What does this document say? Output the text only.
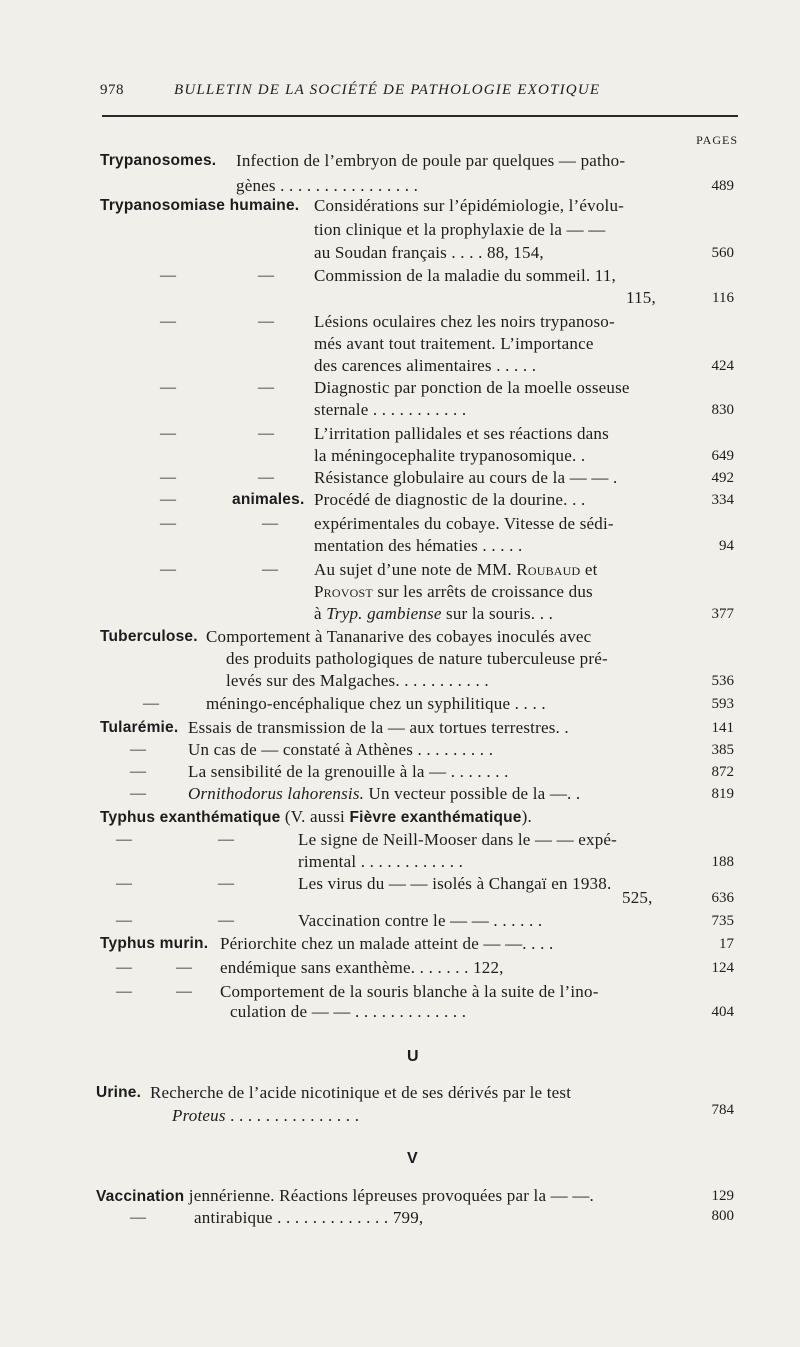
978	BULLETIN DE LA SOCIÉTÉ DE PATHOLOGIE EXOTIQUE
PAGES
Trypanosomes. Infection de l’embryon de poule par quelques — patho-
gènes . . . . . . . . . . . . . . . .	489
Trypanosomiase humaine. Considérations sur l’épidémiologie, l’évolu-
tion clinique et la prophylaxie de la — —
au Soudan français . . . . 88, 154,	560
—	— Commission de la maladie du sommeil. 11,
115,	116
—	— Lésions oculaires chez les noirs trypanoso-
més avant tout traitement. L’importance
des carences alimentaires . . . . .	424
—	— Diagnostic par ponction de la moelle osseuse
sternale . . . . . . . . . . .	830
—	— L’irritation pallidales et ses réactions dans
la méningocephalite trypanosomique. .	649
—	— Résistance globulaire au cours de la — — .	492
—	animales. Procédé de diagnostic de la dourine. . .	334
—	— expérimentales du cobaye. Vitesse de sédi-
mentation des hématies . . . . .	94
—	— Au sujet d’une note de MM. Roubaud et
Provost sur les arrêts de croissance dus
à Tryp. gambiense sur la souris. . .	377
Tuberculose. Comportement à Tananarive des cobayes inoculés avec
des produits pathologiques de nature tuberculeuse pré-
levés sur des Malgaches. . . . . . . . . . .	536
—	méningo-encéphalique chez un syphilitique . . . .	593
Tularémie. Essais de transmission de la — aux tortues terrestres. .	141
— Un cas de — constaté à Athènes . . . . . . . . .	385
— La sensibilité de la grenouille à la — . . . . . . .	872
— Ornithodorus lahorensis. Un vecteur possible de la —. .	819
Typhus exanthématique (V. aussi Fièvre exanthématique).
—	—	Le signe de Neill-Mooser dans le — — expé-
rimental . . . . . . . . . . . .	188
—	—	Les virus du — — isolés à Changaï en 1938.
525,	636
—	—	Vaccination contre le — — . . . . . .	735
Typhus murin. Périorchite chez un malade atteint de — —. . . .	17
—	— endémique sans exanthème. . . . . . . 122,	124
—	— Comportement de la souris blanche à la suite de l’ino-
culation de — — . . . . . . . . . . . . .	404
U
Urine. Recherche de l’acide nicotinique et de ses dérivés par le test
Proteus . . . . . . . . . . . . . . .	784
V
Vaccination jennérienne. Réactions lépreuses provoquées par la — —.	129
—	antirabique . . . . . . . . . . . . . 799,	800
